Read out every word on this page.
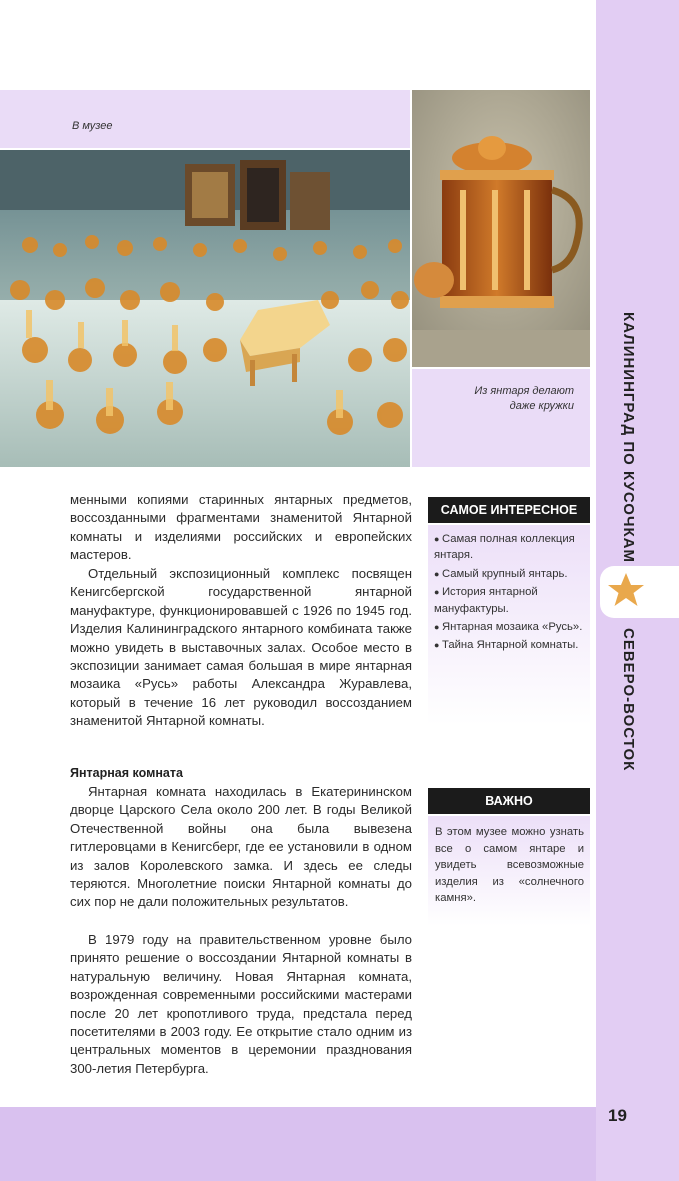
КАЛИНИНГРАД ПО КУСОЧКАМ
СЕВЕРО-ВОСТОК
19
В музее
Из янтаря делают
даже кружки
менными копиями старинных янтарных предметов, воссозданными фрагментами знаменитой Янтарной комнаты и изделиями российских и европейских мастеров.
Отдельный экспозиционный комплекс посвящен Кенигсбергской государственной янтарной мануфактуре, функционировавшей с 1926 по 1945 год. Изделия Калининградского янтарного комбината также можно увидеть в выставочных залах. Особое место в экспозиции занимает самая большая в мире янтарная мозаика «Русь» работы Александра Журавлева, который в течение 16 лет руководил воссозданием знаменитой Янтарной комнаты.
Янтарная комната
Янтарная комната находилась в Екатерининском дворце Царского Села около 200 лет. В годы Великой Отечественной войны она была вывезена гитлеровцами в Кенигсберг, где ее установили в одном из залов Королевского замка. И здесь ее следы теряются. Многолетние поиски Янтарной комнаты до сих пор не дали положительных результатов.
В 1979 году на правительственном уровне было принято решение о воссоздании Янтарной комнаты в натуральную величину. Новая Янтарная комната, возрожденная современными российскими мастерами после 20 лет кропотливого труда, предстала перед посетителями в 2003 году. Ее открытие стало одним из центральных моментов в церемонии празднования 300-летия Петербурга.
САМОЕ ИНТЕРЕСНОЕ
● Самая полная коллекция янтаря.
● Самый крупный янтарь.
● История янтарной мануфактуры.
● Янтарная мозаика «Русь».
● Тайна Янтарной комнаты.
ВАЖНО
В этом музее можно узнать все о самом янтаре и увидеть всевозможные изделия из «солнечного камня».
